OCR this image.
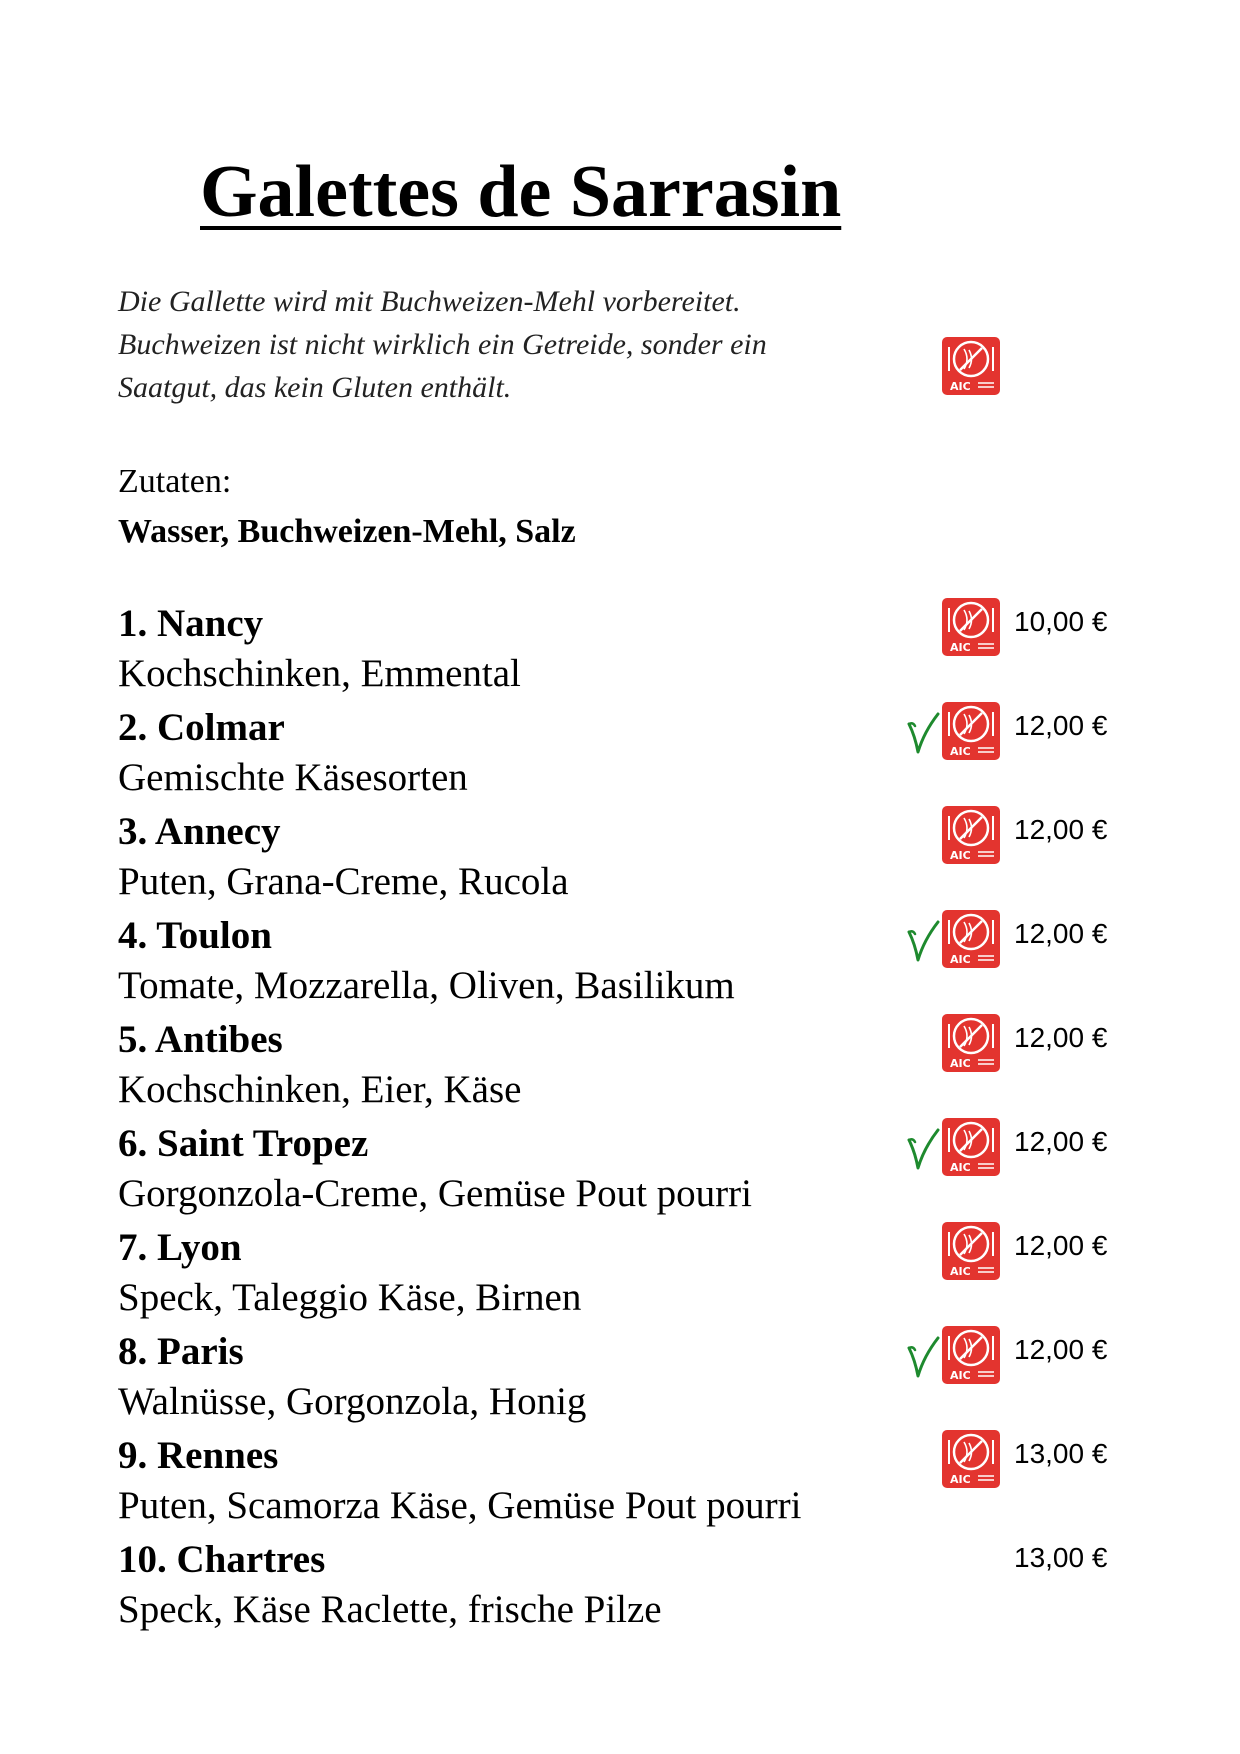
Galettes de Sarrasin
Die Gallette wird mit Buchweizen-Mehl vorbereitet.
Buchweizen ist nicht wirklich ein Getreide, sonder ein
Saatgut, das kein Gluten enthält.	AIC
Zutaten:
Wasser, Buchweizen-Mehl, Salz
1. Nancy
Kochschinken, Emmental
AIC
10,00 €
2. Colmar
Gemischte Käsesorten
AIC
12,00 €
3. Annecy
Puten, Grana-Creme, Rucola
AIC
12,00 €
4. Toulon
Tomate, Mozzarella, Oliven, Basilikum
AIC
12,00 €
5. Antibes
Kochschinken, Eier, Käse
AIC
12,00 €
6. Saint Tropez
Gorgonzola-Creme, Gemüse Pout pourri
AIC
12,00 €
7. Lyon
Speck, Taleggio Käse, Birnen
AIC
12,00 €
8. Paris
Walnüsse, Gorgonzola, Honig
AIC
12,00 €
9. Rennes
Puten, Scamorza Käse, Gemüse Pout pourri
AIC
13,00 €
10. Chartres
Speck, Käse Raclette, frische Pilze
13,00 €
